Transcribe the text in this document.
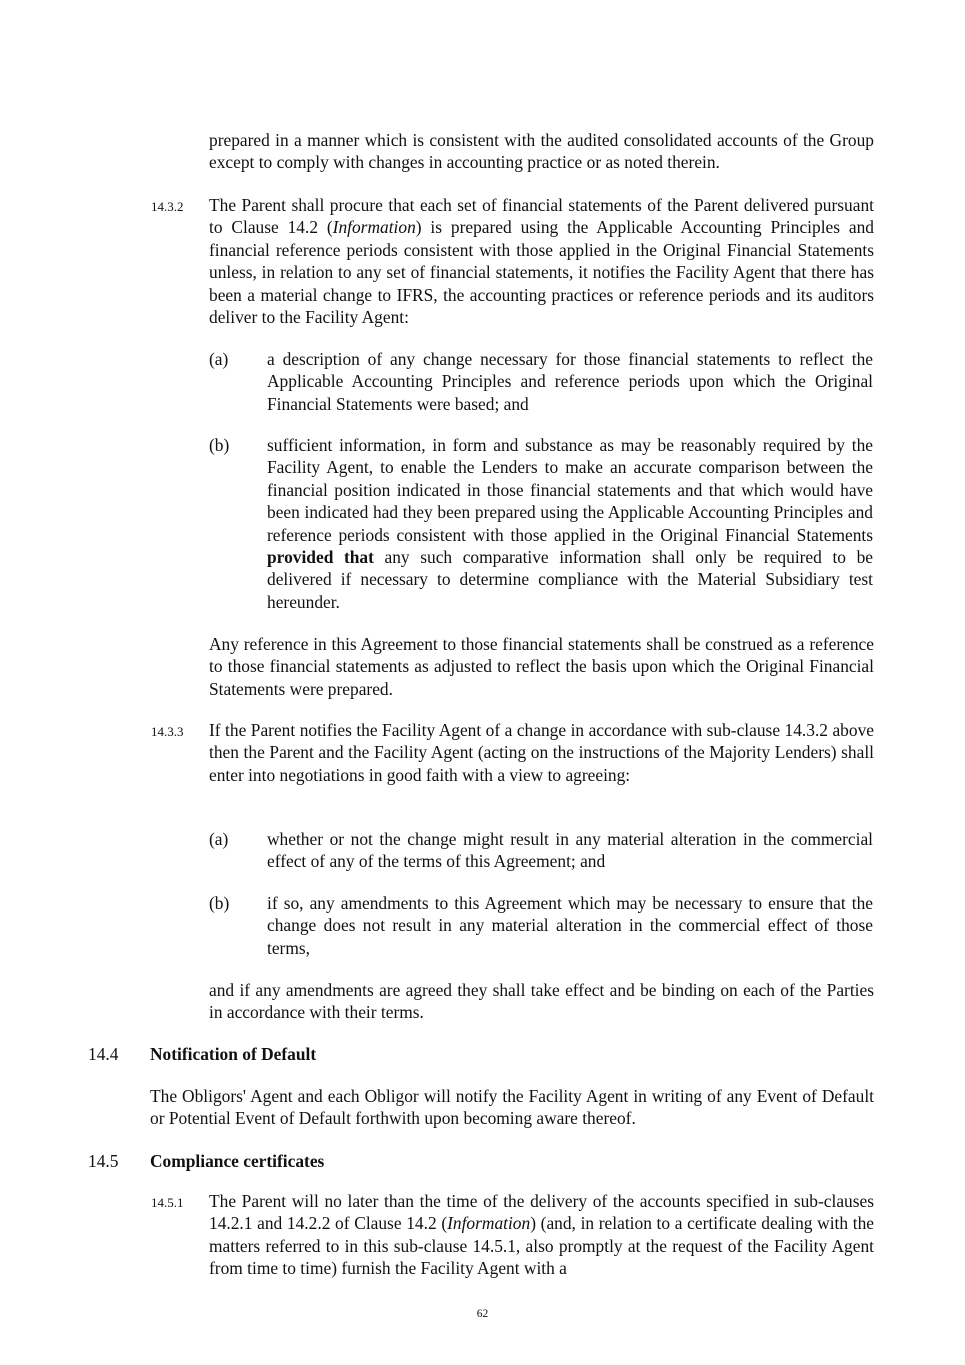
prepared in a manner which is consistent with the audited consolidated accounts of the Group except to comply with changes in accounting practice or as noted therein.

14.3.2 The Parent shall procure that each set of financial statements of the Parent delivered pursuant to Clause 14.2 (Information) is prepared using the Applicable Accounting Principles and financial reference periods consistent with those applied in the Original Financial Statements unless, in relation to any set of financial statements, it notifies the Facility Agent that there has been a material change to IFRS, the accounting practices or reference periods and its auditors deliver to the Facility Agent:

(a) a description of any change necessary for those financial statements to reflect the Applicable Accounting Principles and reference periods upon which the Original Financial Statements were based; and

(b) sufficient information, in form and substance as may be reasonably required by the Facility Agent, to enable the Lenders to make an accurate comparison between the financial position indicated in those financial statements and that which would have been indicated had they been prepared using the Applicable Accounting Principles and reference periods consistent with those applied in the Original Financial Statements provided that any such comparative information shall only be required to be delivered if necessary to determine compliance with the Material Subsidiary test hereunder.

Any reference in this Agreement to those financial statements shall be construed as a reference to those financial statements as adjusted to reflect the basis upon which the Original Financial Statements were prepared.

14.3.3 If the Parent notifies the Facility Agent of a change in accordance with sub-clause 14.3.2 above then the Parent and the Facility Agent (acting on the instructions of the Majority Lenders) shall enter into negotiations in good faith with a view to agreeing:

(a) whether or not the change might result in any material alteration in the commercial effect of any of the terms of this Agreement; and

(b) if so, any amendments to this Agreement which may be necessary to ensure that the change does not result in any material alteration in the commercial effect of those terms,

and if any amendments are agreed they shall take effect and be binding on each of the Parties in accordance with their terms.

14.4 Notification of Default

The Obligors' Agent and each Obligor will notify the Facility Agent in writing of any Event of Default or Potential Event of Default forthwith upon becoming aware thereof.

14.5 Compliance certificates

14.5.1 The Parent will no later than the time of the delivery of the accounts specified in sub-clauses 14.2.1 and 14.2.2 of Clause 14.2 (Information) (and, in relation to a certificate dealing with the matters referred to in this sub-clause 14.5.1, also promptly at the request of the Facility Agent from time to time) furnish the Facility Agent with a

62
